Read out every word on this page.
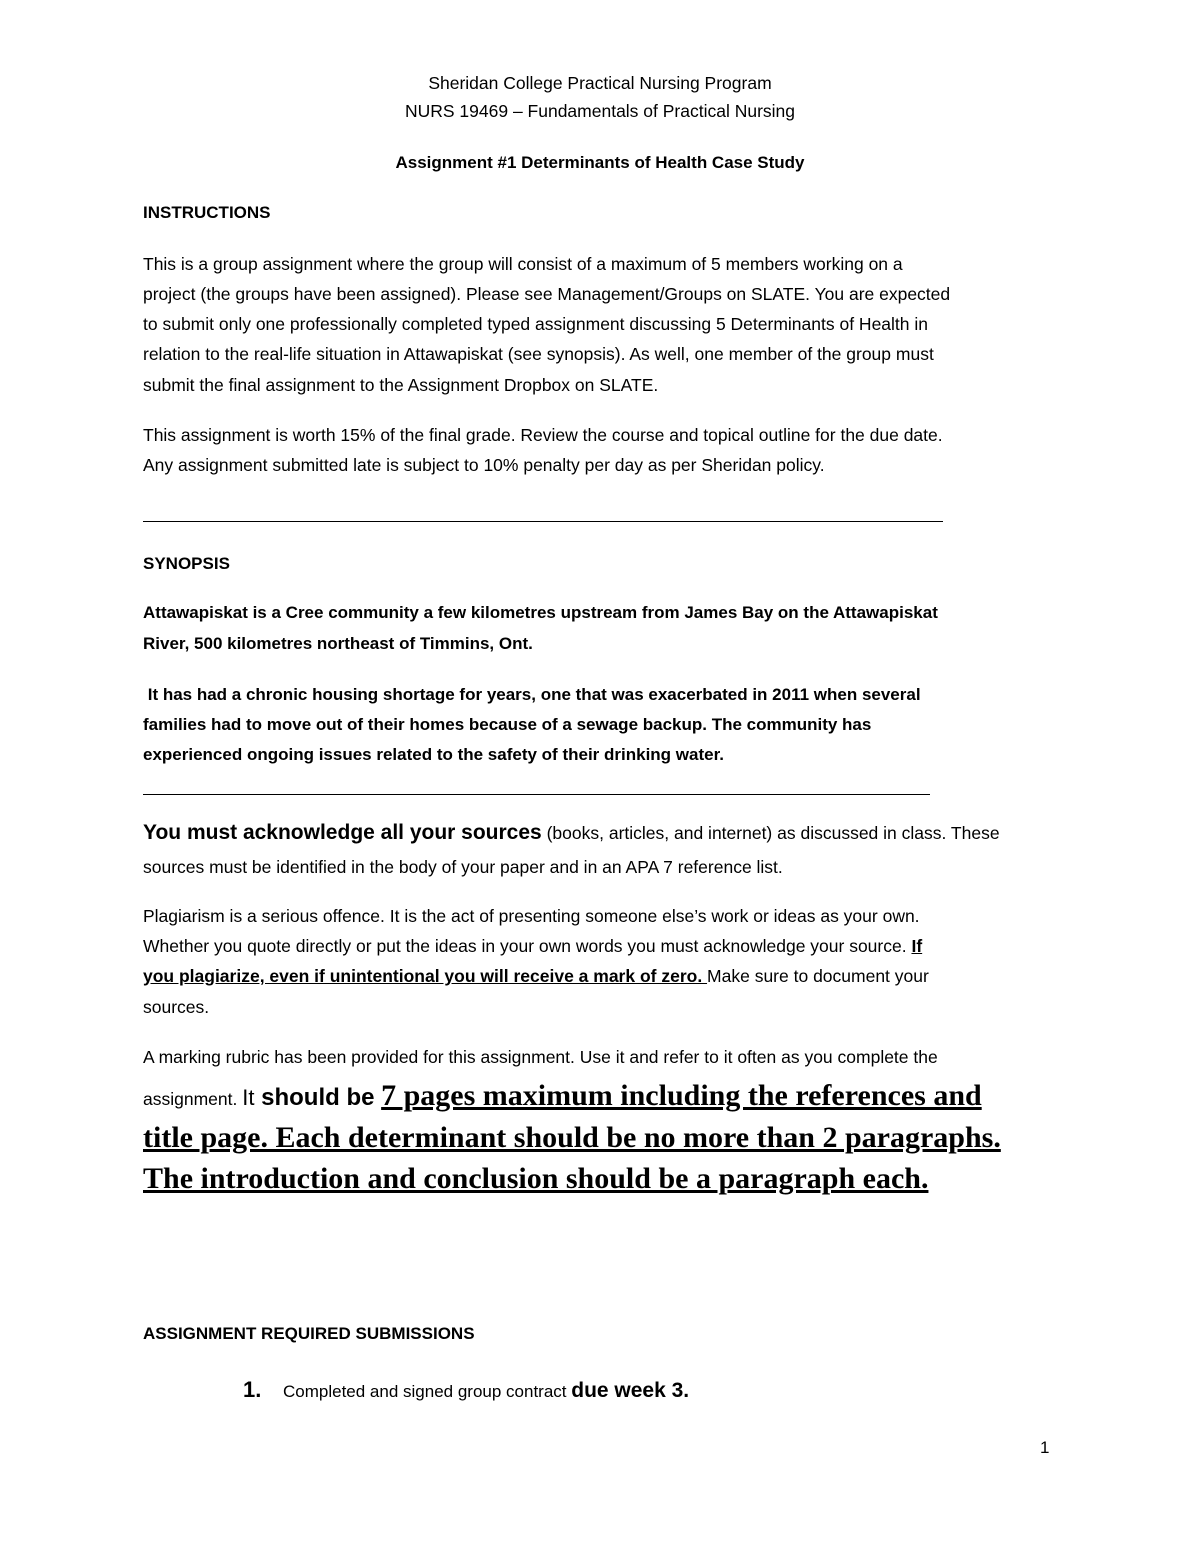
Sheridan College Practical Nursing Program
NURS 19469 – Fundamentals of Practical Nursing
Assignment #1 Determinants of Health Case Study
INSTRUCTIONS
This is a group assignment where the group will consist of a maximum of 5 members working on a
project (the groups have been assigned). Please see Management/Groups on SLATE. You are expected
to submit only one professionally completed typed assignment discussing 5 Determinants of Health in
relation to the real-life situation in Attawapiskat (see synopsis). As well, one member of the group must
submit the final assignment to the Assignment Dropbox on SLATE.
This assignment is worth 15% of the final grade. Review the course and topical outline for the due date.
Any assignment submitted late is subject to 10% penalty per day as per Sheridan policy.
SYNOPSIS
Attawapiskat is a Cree community a few kilometres upstream from James Bay on the Attawapiskat
River, 500 kilometres northeast of Timmins, Ont.
It has had a chronic housing shortage for years, one that was exacerbated in 2011 when several
families had to move out of their homes because of a sewage backup. The community has
experienced ongoing issues related to the safety of their drinking water.
You must acknowledge all your sources (books, articles, and internet) as discussed in class. These
sources must be identified in the body of your paper and in an APA 7 reference list.
Plagiarism is a serious offence. It is the act of presenting someone else’s work or ideas as your own.
Whether you quote directly or put the ideas in your own words you must acknowledge your source. If
you plagiarize, even if unintentional you will receive a mark of zero. Make sure to document your
sources.
A marking rubric has been provided for this assignment. Use it and refer to it often as you complete the
assignment. It should be 7 pages maximum including the references and
title page. Each determinant should be no more than 2 paragraphs.
The introduction and conclusion should be a paragraph each.
ASSIGNMENT REQUIRED SUBMISSIONS
1. Completed and signed group contract due week 3.
1
